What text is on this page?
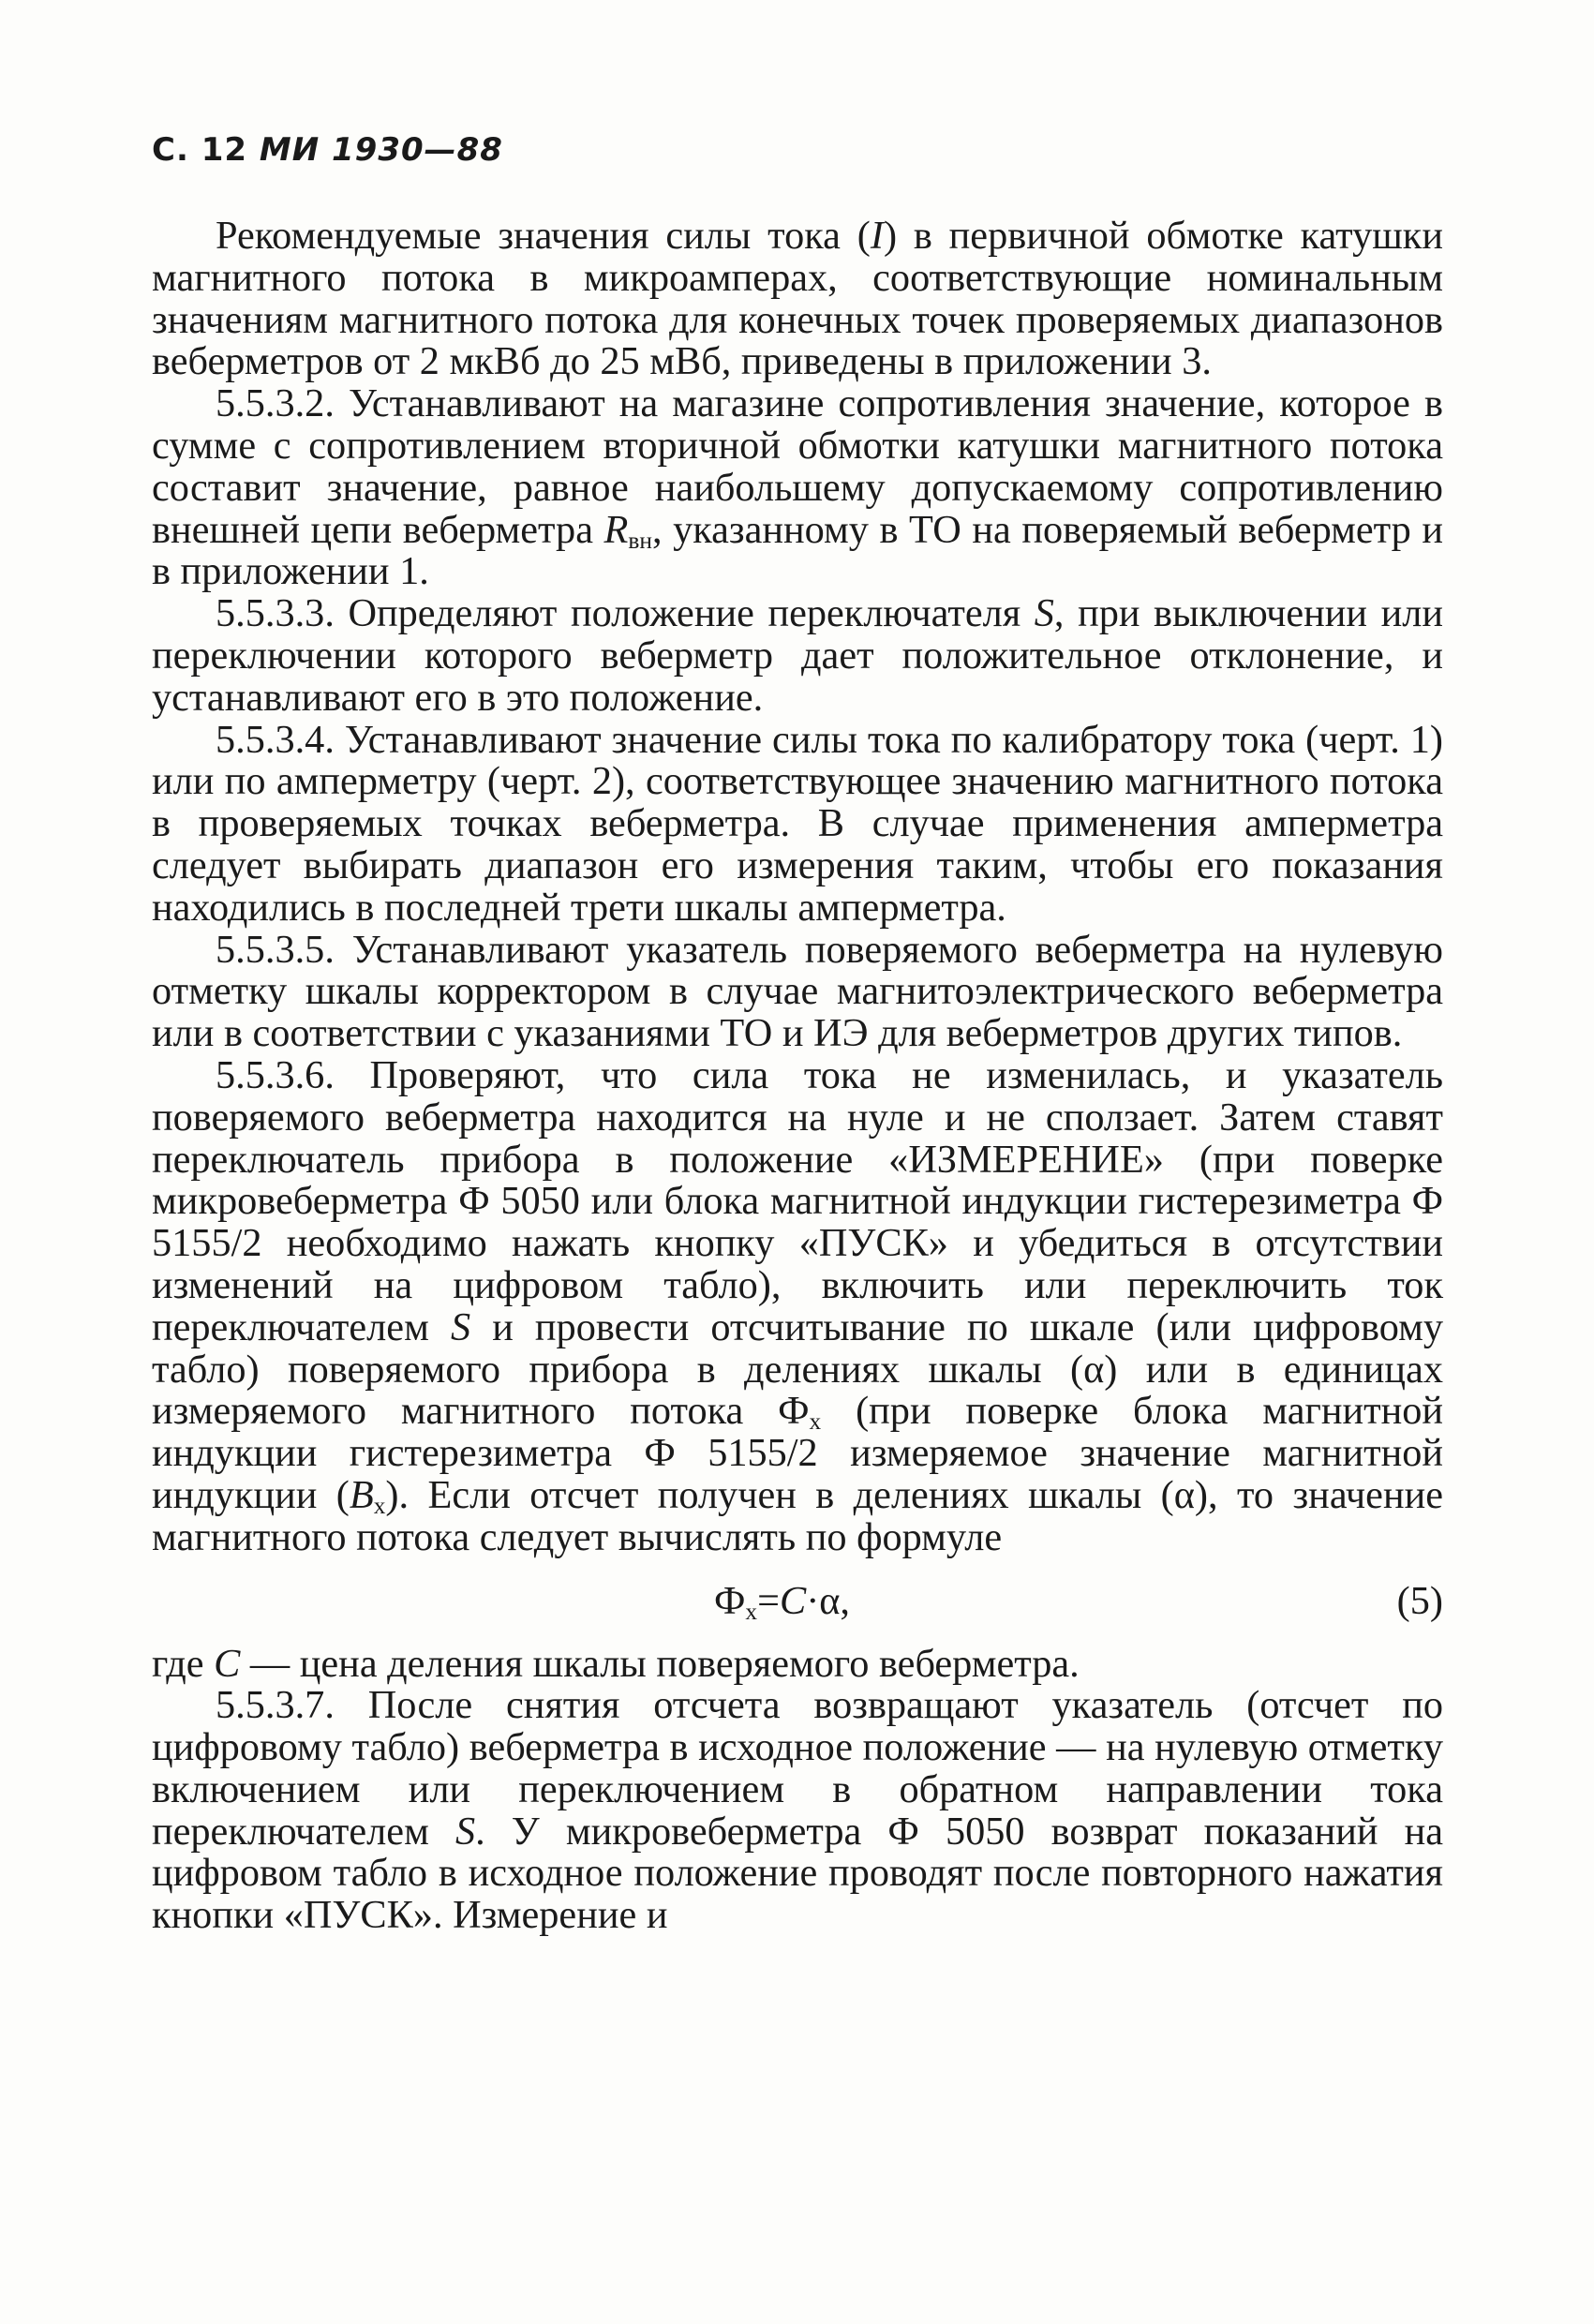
С. 12 МИ 1930—88

Рекомендуемые значения силы тока (I) в первичной обмотке катушки магнитного потока в микроамперах, соответствующие номинальным значениям магнитного потока для конечных точек проверяемых диапазонов веберметров от 2 мкВб до 25 мВб, приведены в приложении 3.

5.5.3.2. Устанавливают на магазине сопротивления значение, которое в сумме с сопротивлением вторичной обмотки катушки магнитного потока составит значение, равное наибольшему допускаемому сопротивлению внешней цепи веберметра $R_{вн}$, указанному в ТО на поверяемый веберметр и в приложении 1.

5.5.3.3. Определяют положение переключателя S, при выключении или переключении которого веберметр дает положительное отклонение, и устанавливают его в это положение.

5.5.3.4. Устанавливают значение силы тока по калибратору тока (черт. 1) или по амперметру (черт. 2), соответствующее значению магнитного потока в проверяемых точках веберметра. В случае применения амперметра следует выбирать диапазон его измерения таким, чтобы его показания находились в последней трети шкалы амперметра.

5.5.3.5. Устанавливают указатель поверяемого веберметра на нулевую отметку шкалы корректором в случае магнитоэлектрического веберметра или в соответствии с указаниями ТО и ИЭ для веберметров других типов.

5.5.3.6. Проверяют, что сила тока не изменилась, и указатель поверяемого веберметра находится на нуле и не сползает. Затем ставят переключатель прибора в положение «ИЗМЕРЕНИЕ» (при поверке микровеберметра Ф 5050 или блока магнитной индукции гистерезиметра Ф 5155/2 необходимо нажать кнопку «ПУСК» и убедиться в отсутствии изменений на цифровом табло), включить или переключить ток переключателем S и провести отсчитывание по шкале (или цифровому табло) поверяемого прибора в делениях шкалы (α) или в единицах измеряемого магнитного потока $Ф_x$ (при поверке блока магнитной индукции гистерезиметра Ф 5155/2 измеряемое значение магнитной индукции $(B_x)$. Если отсчет получен в делениях шкалы (α), то значение магнитного потока следует вычислять по формуле

$Ф_x=C\cdot\alpha$,	(5)

где C — цена деления шкалы поверяемого веберметра.

5.5.3.7. После снятия отсчета возвращают указатель (отсчет по цифровому табло) веберметра в исходное положение — на нулевую отметку включением или переключением в обратном направлении тока переключателем S. У микровеберметра Ф 5050 возврат показаний на цифровом табло в исходное положение проводят после повторного нажатия кнопки «ПУСК». Измерение и
